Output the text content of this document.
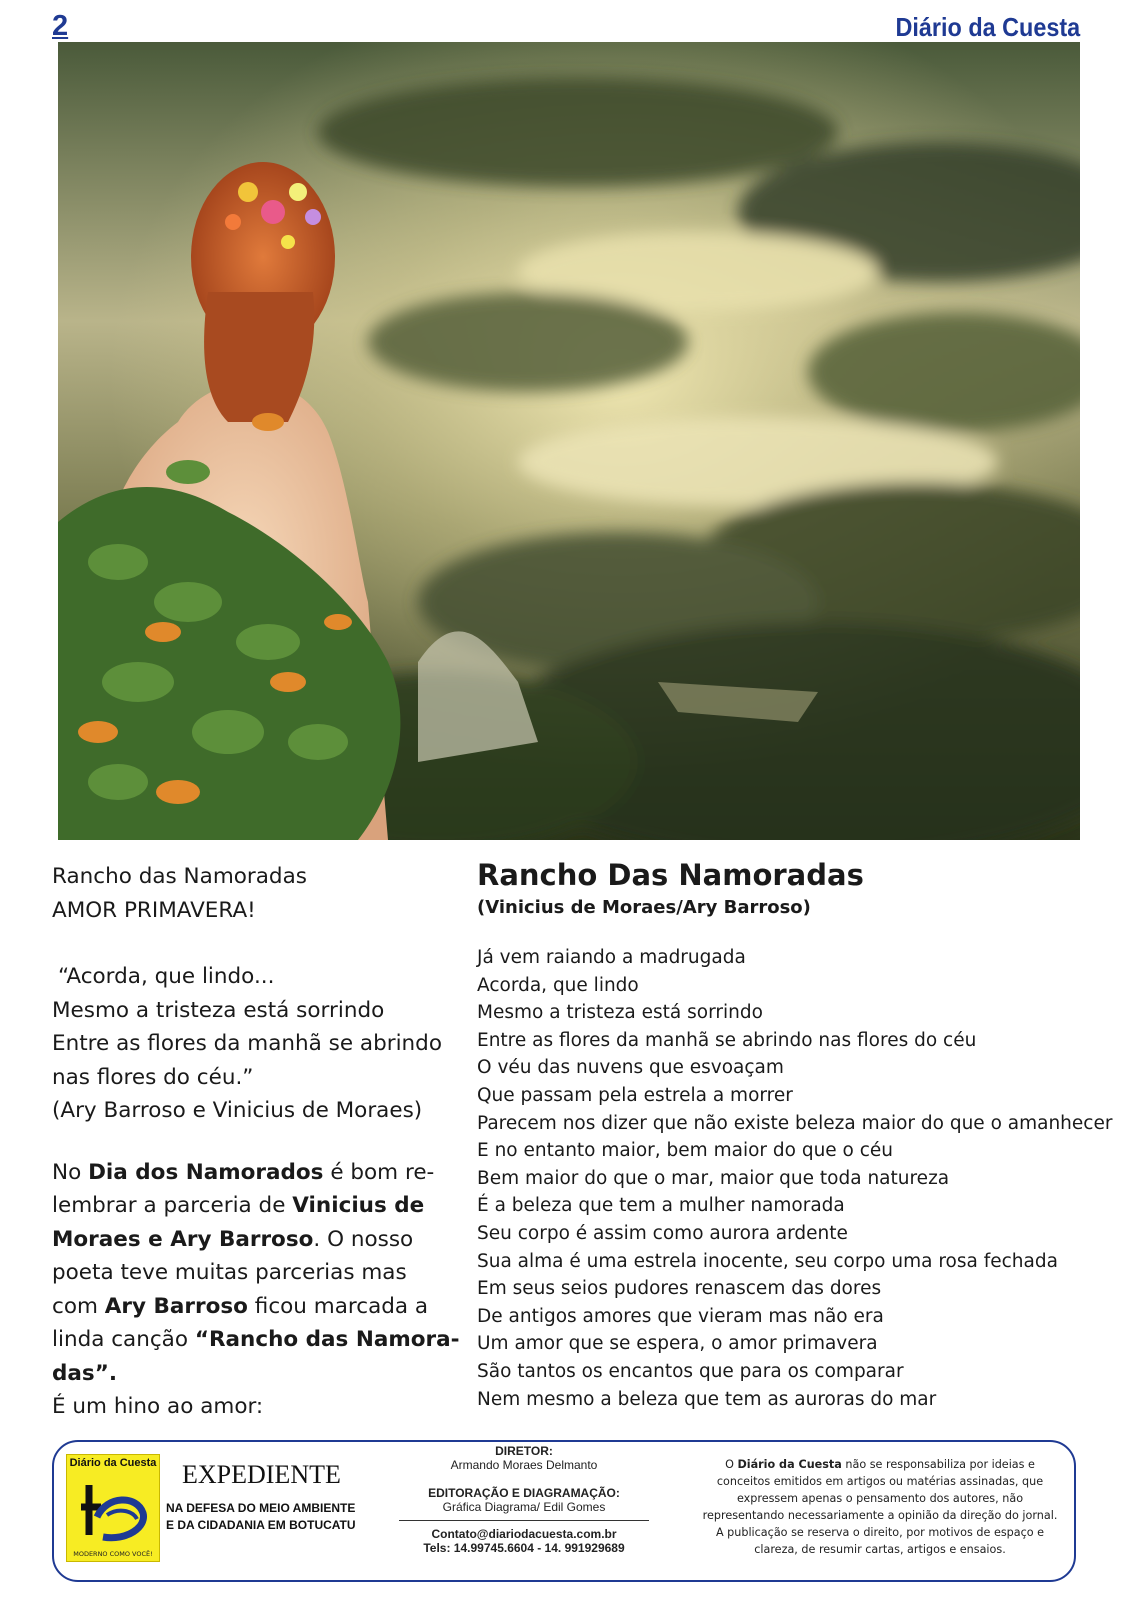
2	Diário da Cuesta

Rancho das Namoradas

AMOR PRIMAVERA!

“Acorda, que lindo...

Mesmo a tristeza está sorrindo

Entre as flores da manhã se abrindo

nas flores do céu.”

(Ary Barroso e Vinicius de Moraes)

No Dia dos Namorados é bom re-

lembrar a parceria de Vinicius de

Moraes e Ary Barroso. O nosso

poeta teve muitas parcerias mas

com Ary Barroso ficou marcada a

linda canção “Rancho das Namora-

das”.

É um hino ao amor:

Rancho Das Namoradas
(Vinicius de Moraes/Ary Barroso)
Já vem raiando a madrugada
Acorda, que lindo
Mesmo a tristeza está sorrindo
Entre as flores da manhã se abrindo nas flores do céu
O véu das nuvens que esvoaçam
Que passam pela estrela a morrer
Parecem nos dizer que não existe beleza maior do que o amanhecer
E no entanto maior, bem maior do que o céu
Bem maior do que o mar, maior que toda natureza
É a beleza que tem a mulher namorada
Seu corpo é assim como aurora ardente
Sua alma é uma estrela inocente, seu corpo uma rosa fechada
Em seus seios pudores renascem das dores
De antigos amores que vieram mas não era
Um amor que se espera, o amor primavera
São tantos os encantos que para os comparar
Nem mesmo a beleza que tem as auroras do mar
Diário da Cuesta
MODERNO COMO VOCÊ!
EXPEDIENTE
NA DEFESA DO MEIO AMBIENTE
E DA CIDADANIA EM BOTUCATU
DIRETOR:
Armando Moraes Delmanto
EDITORAÇÃO E DIAGRAMAÇÃO:
Gráfica Diagrama/ Edil Gomes
Contato@diariodacuesta.com.br
Tels: 14.99745.6604 - 14. 991929689
O Diário da Cuesta não se responsabiliza por ideias e conceitos emitidos em artigos ou matérias assinadas, que expressem apenas o pensamento dos autores, não representando necessariamente a opinião da direção do jornal. A publicação se reserva o direito, por motivos de espaço e clareza, de resumir cartas, artigos e ensaios.
